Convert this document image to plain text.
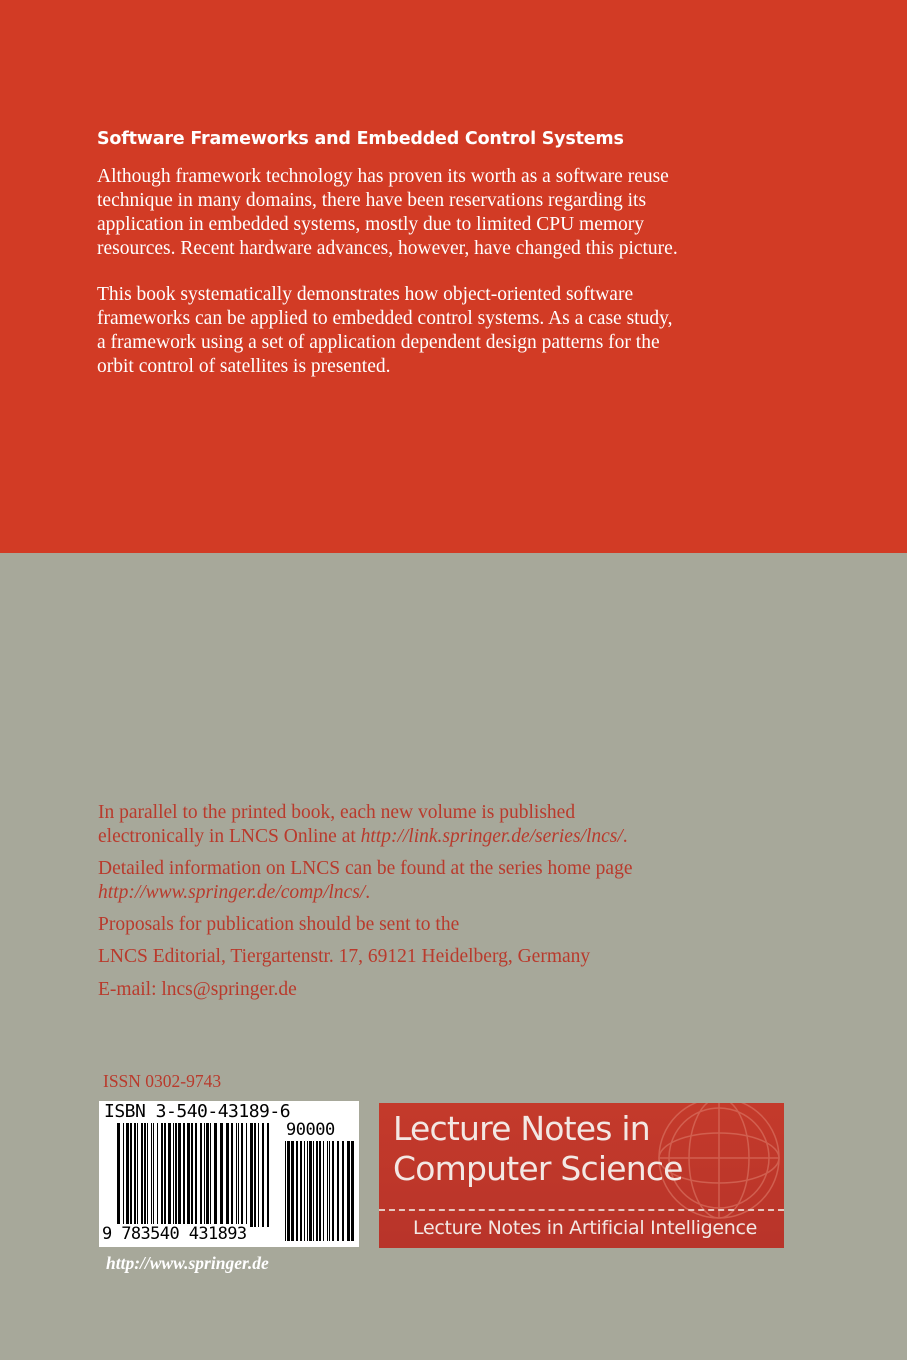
Software Frameworks and Embedded Control Systems
Although framework technology has proven its worth as a software reuse
technique in many domains, there have been reservations regarding its
application in embedded systems, mostly due to limited CPU memory
resources. Recent hardware advances, however, have changed this picture.
This book systematically demonstrates how object-oriented software
frameworks can be applied to embedded control systems. As a case study,
a framework using a set of application dependent design patterns for the
orbit control of satellites is presented.
In parallel to the printed book, each new volume is published
electronically in LNCS Online at http://link.springer.de/series/lncs/.
Detailed information on LNCS can be found at the series home page
http://www.springer.de/comp/lncs/.
Proposals for publication should be sent to the
LNCS Editorial, Tiergartenstr. 17, 69121 Heidelberg, Germany
E-mail: lncs@springer.de
ISSN 0302-9743
ISBN 3-540-43189-6
90000
9 783540 431893
http://www.springer.de
Lecture Notes in
Computer Science
Lecture Notes in Artificial Intelligence
